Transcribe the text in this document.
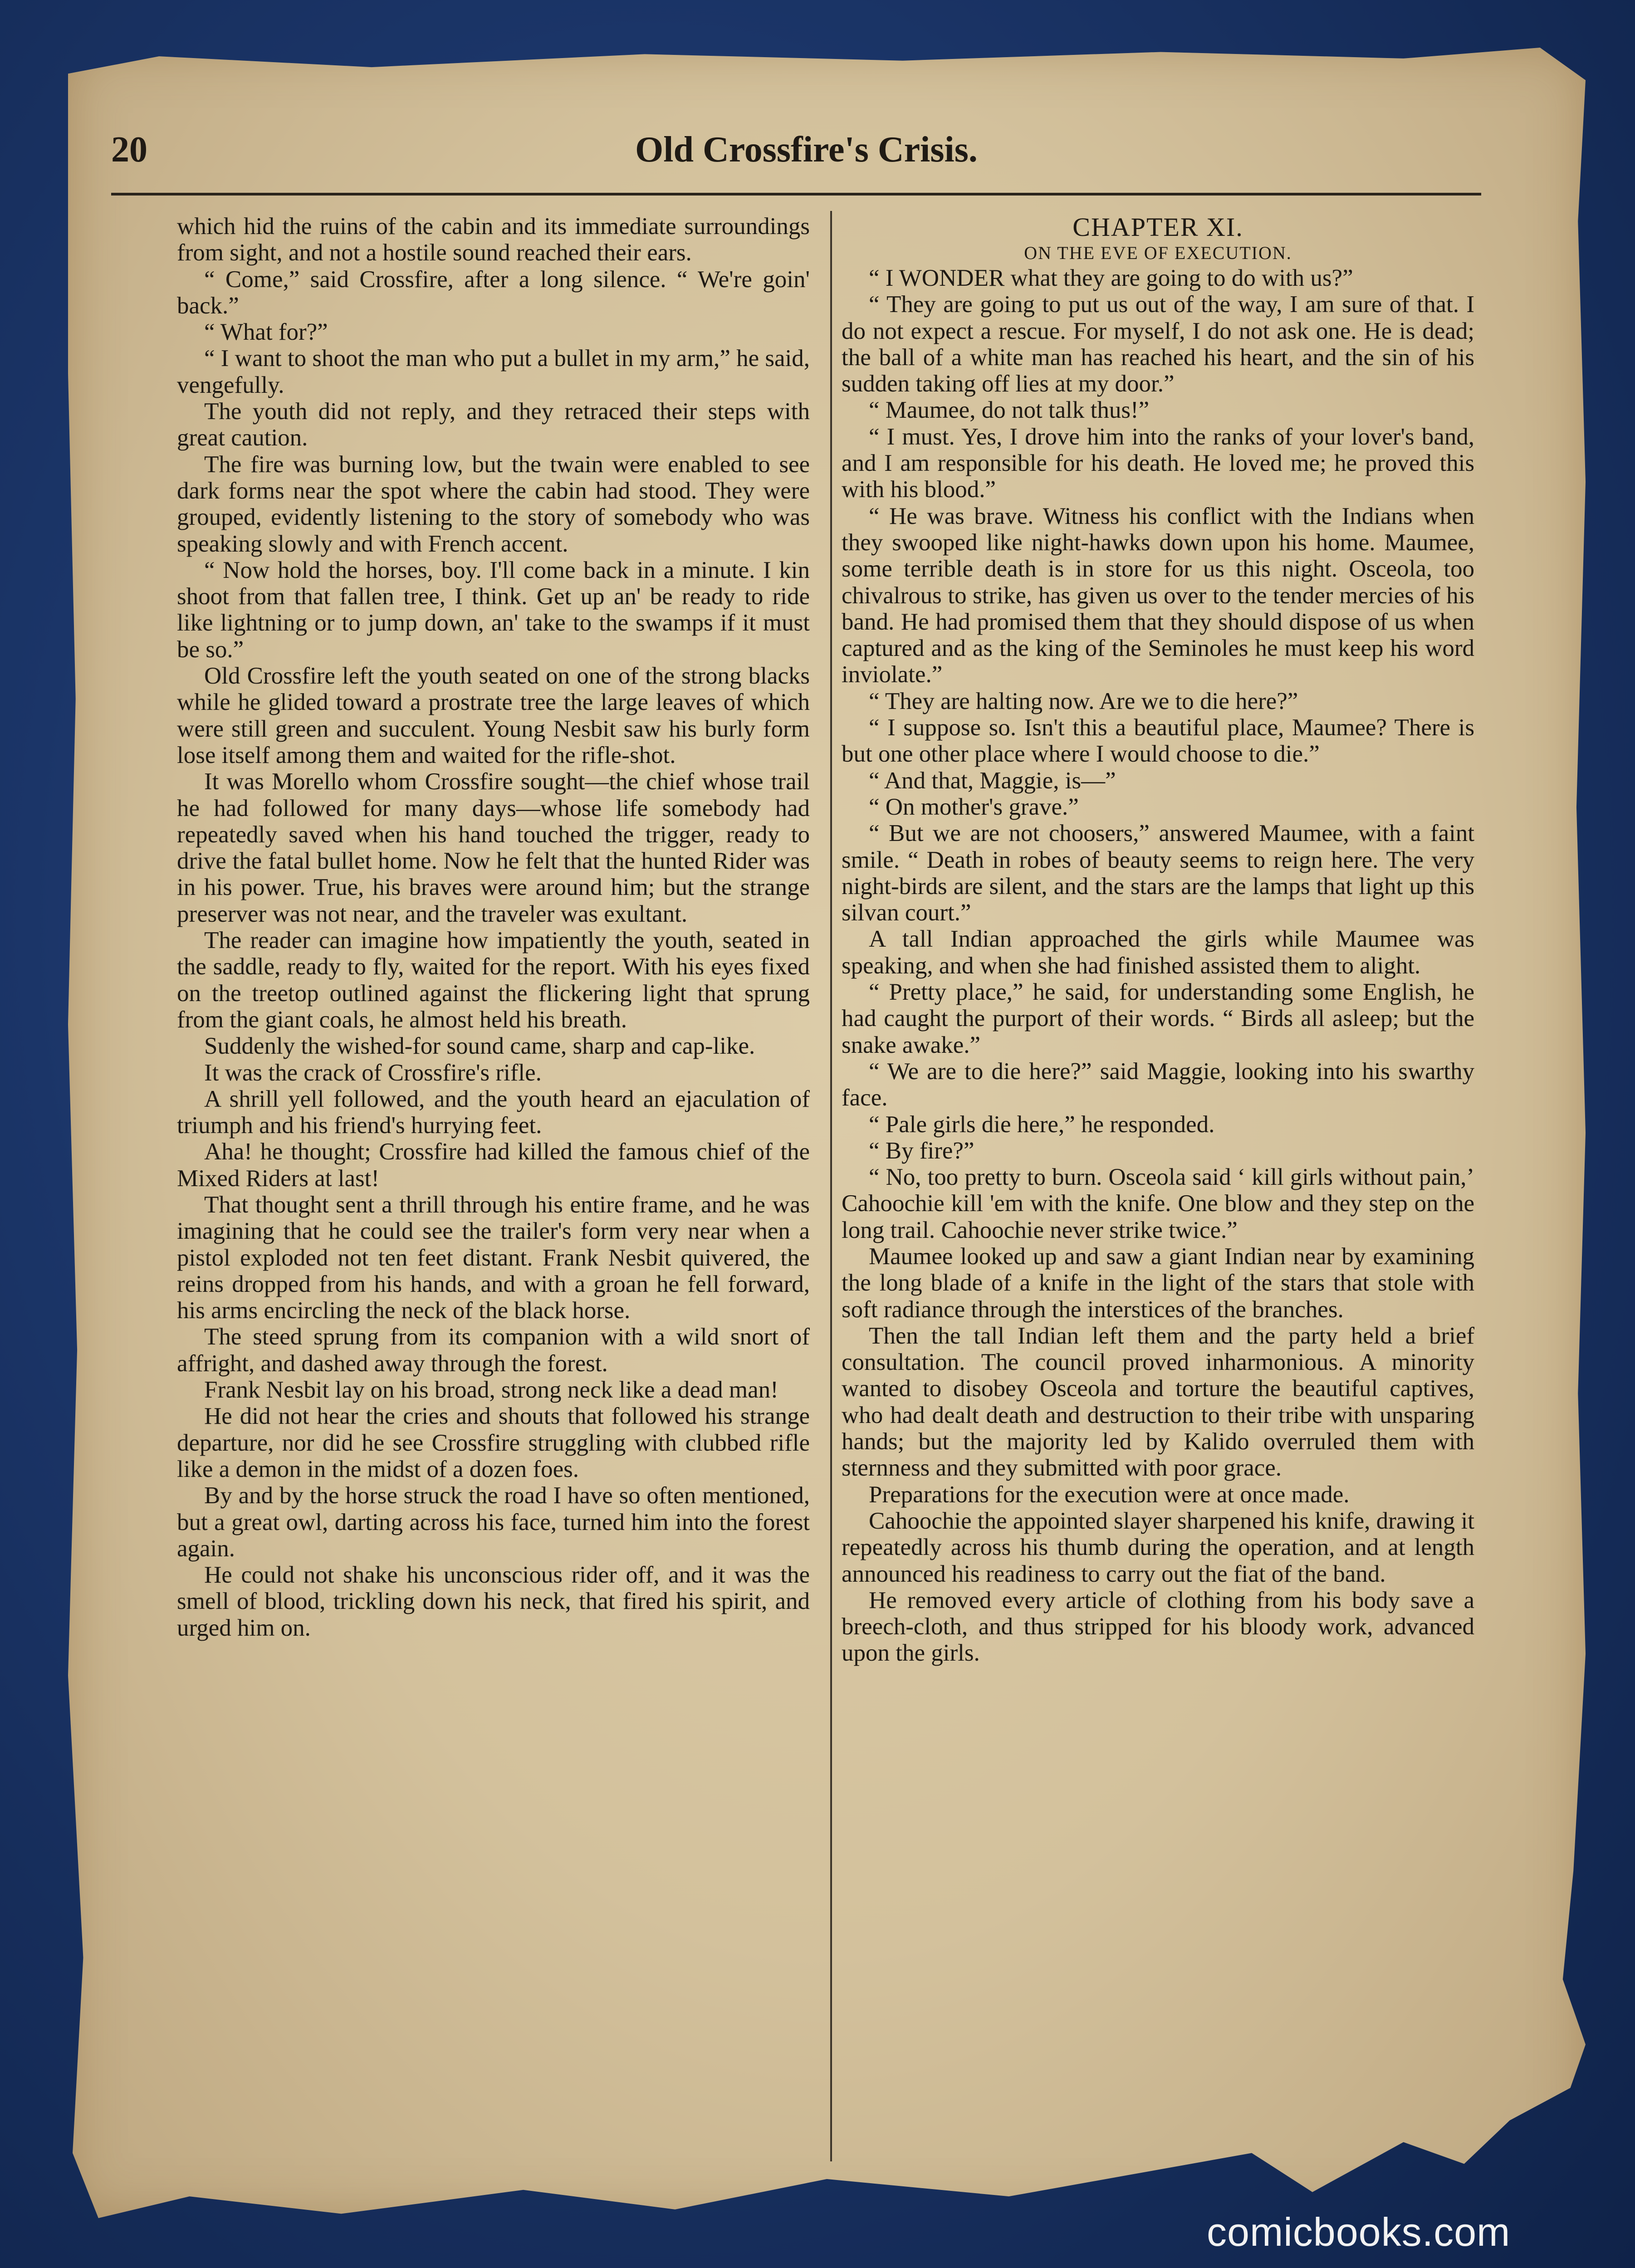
20	Old Crossfire's Crisis.

which hid the ruins of the cabin and its immediate surroundings from sight, and not a hostile sound reached their ears.

“ Come,” said Crossfire, after a long silence. “ We're goin' back.”

“ What for?”

“ I want to shoot the man who put a bullet in my arm,” he said, vengefully.

The youth did not reply, and they retraced their steps with great caution.

The fire was burning low, but the twain were enabled to see dark forms near the spot where the cabin had stood. They were grouped, evidently listening to the story of somebody who was speaking slowly and with French accent.

“ Now hold the horses, boy. I'll come back in a minute. I kin shoot from that fallen tree, I think. Get up an' be ready to ride like lightning or to jump down, an' take to the swamps if it must be so.”

Old Crossfire left the youth seated on one of the strong blacks while he glided toward a prostrate tree the large leaves of which were still green and succulent. Young Nesbit saw his burly form lose itself among them and waited for the rifle-shot.

It was Morello whom Crossfire sought—the chief whose trail he had followed for many days—whose life somebody had repeatedly saved when his hand touched the trigger, ready to drive the fatal bullet home. Now he felt that the hunted Rider was in his power. True, his braves were around him; but the strange preserver was not near, and the traveler was exultant.

The reader can imagine how impatiently the youth, seated in the saddle, ready to fly, waited for the report. With his eyes fixed on the treetop outlined against the flickering light that sprung from the giant coals, he almost held his breath.

Suddenly the wished-for sound came, sharp and cap-like.

It was the crack of Crossfire's rifle.

A shrill yell followed, and the youth heard an ejaculation of triumph and his friend's hurrying feet.

Aha! he thought; Crossfire had killed the famous chief of the Mixed Riders at last!

That thought sent a thrill through his entire frame, and he was imagining that he could see the trailer's form very near when a pistol exploded not ten feet distant. Frank Nesbit quivered, the reins dropped from his hands, and with a groan he fell forward, his arms encircling the neck of the black horse.

The steed sprung from its companion with a wild snort of affright, and dashed away through the forest.

Frank Nesbit lay on his broad, strong neck like a dead man!

He did not hear the cries and shouts that followed his strange departure, nor did he see Crossfire struggling with clubbed rifle like a demon in the midst of a dozen foes.

By and by the horse struck the road I have so often mentioned, but a great owl, darting across his face, turned him into the forest again.

He could not shake his unconscious rider off, and it was the smell of blood, trickling down his neck, that fired his spirit, and urged him on.

CHAPTER XI.
ON THE EVE OF EXECUTION.

“ I WONDER what they are going to do with us?”

“ They are going to put us out of the way, I am sure of that. I do not expect a rescue. For myself, I do not ask one. He is dead; the ball of a white man has reached his heart, and the sin of his sudden taking off lies at my door.”

“ Maumee, do not talk thus!”

“ I must. Yes, I drove him into the ranks of your lover's band, and I am responsible for his death. He loved me; he proved this with his blood.”

“ He was brave. Witness his conflict with the Indians when they swooped like night-hawks down upon his home. Maumee, some terrible death is in store for us this night. Osceola, too chivalrous to strike, has given us over to the tender mercies of his band. He had promised them that they should dispose of us when captured and as the king of the Seminoles he must keep his word inviolate.”

“ They are halting now. Are we to die here?”

“ I suppose so. Isn't this a beautiful place, Maumee? There is but one other place where I would choose to die.”

“ And that, Maggie, is—”

“ On mother's grave.”

“ But we are not choosers,” answered Maumee, with a faint smile. “ Death in robes of beauty seems to reign here. The very night-birds are silent, and the stars are the lamps that light up this silvan court.”

A tall Indian approached the girls while Maumee was speaking, and when she had finished assisted them to alight.

“ Pretty place,” he said, for understanding some English, he had caught the purport of their words. “ Birds all asleep; but the snake awake.”

“ We are to die here?” said Maggie, looking into his swarthy face.

“ Pale girls die here,” he responded.

“ By fire?”

“ No, too pretty to burn. Osceola said ‘ kill girls without pain,’ Cahoochie kill 'em with the knife. One blow and they step on the long trail. Cahoochie never strike twice.”

Maumee looked up and saw a giant Indian near by examining the long blade of a knife in the light of the stars that stole with soft radiance through the interstices of the branches.

Then the tall Indian left them and the party held a brief consultation. The council proved inharmonious. A minority wanted to disobey Osceola and torture the beautiful captives, who had dealt death and destruction to their tribe with unsparing hands; but the majority led by Kalido overruled them with sternness and they submitted with poor grace.

Preparations for the execution were at once made.

Cahoochie the appointed slayer sharpened his knife, drawing it repeatedly across his thumb during the operation, and at length announced his readiness to carry out the fiat of the band.

He removed every article of clothing from his body save a breech-cloth, and thus stripped for his bloody work, advanced upon the girls.

comicbooks.com
